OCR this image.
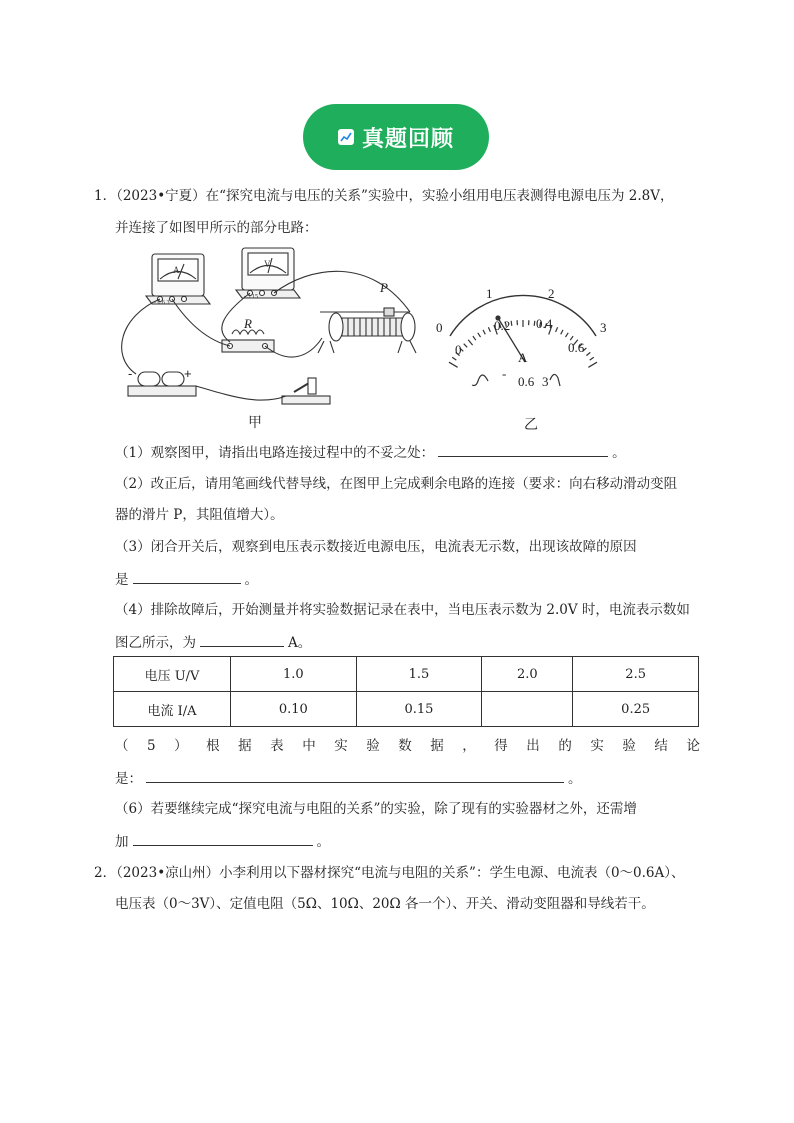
真题回顾
1．（2023•宁夏）在“探究电流与电压的关系”实验中，实验小组用电压表测得电源电压为 2.8V，
并连接了如图甲所示的部分电路：
A
V
- 0.6 3
- 3 15
R
P
-	+
0
1	2
3
0
0.2 0.4
0.6
A
-
0.6 3
甲	乙
（1）观察图甲，请指出电路连接过程中的不妥之处：	。
（2）改正后，请用笔画线代替导线，在图甲上完成剩余电路的连接（要求：向右移动滑动变阻
器的滑片 P，其阻值增大）。
（3）闭合开关后，观察到电压表示数接近电源电压，电流表无示数，出现该故障的原因
是	。
（4）排除故障后，开始测量并将实验数据记录在表中，当电压表示数为 2.0V 时，电流表示数如
图乙所示，为	A。
电压 U/V	1.0	1.5	2.0	2.5
电流 I/A	0.10	0.15		0.25
（ 5 ） 根 据 表 中 实 验 数 据 ， 得 出 的 实 验 结 论
是：	。
（6）若要继续完成“探究电流与电阻的关系”的实验，除了现有的实验器材之外，还需增
加	。
2．（2023•凉山州）小李利用以下器材探究“电流与电阻的关系”：学生电源、电流表（0～0.6A）、
电压表（0～3V）、定值电阻（5Ω、10Ω、20Ω 各一个）、开关、滑动变阻器和导线若干。
